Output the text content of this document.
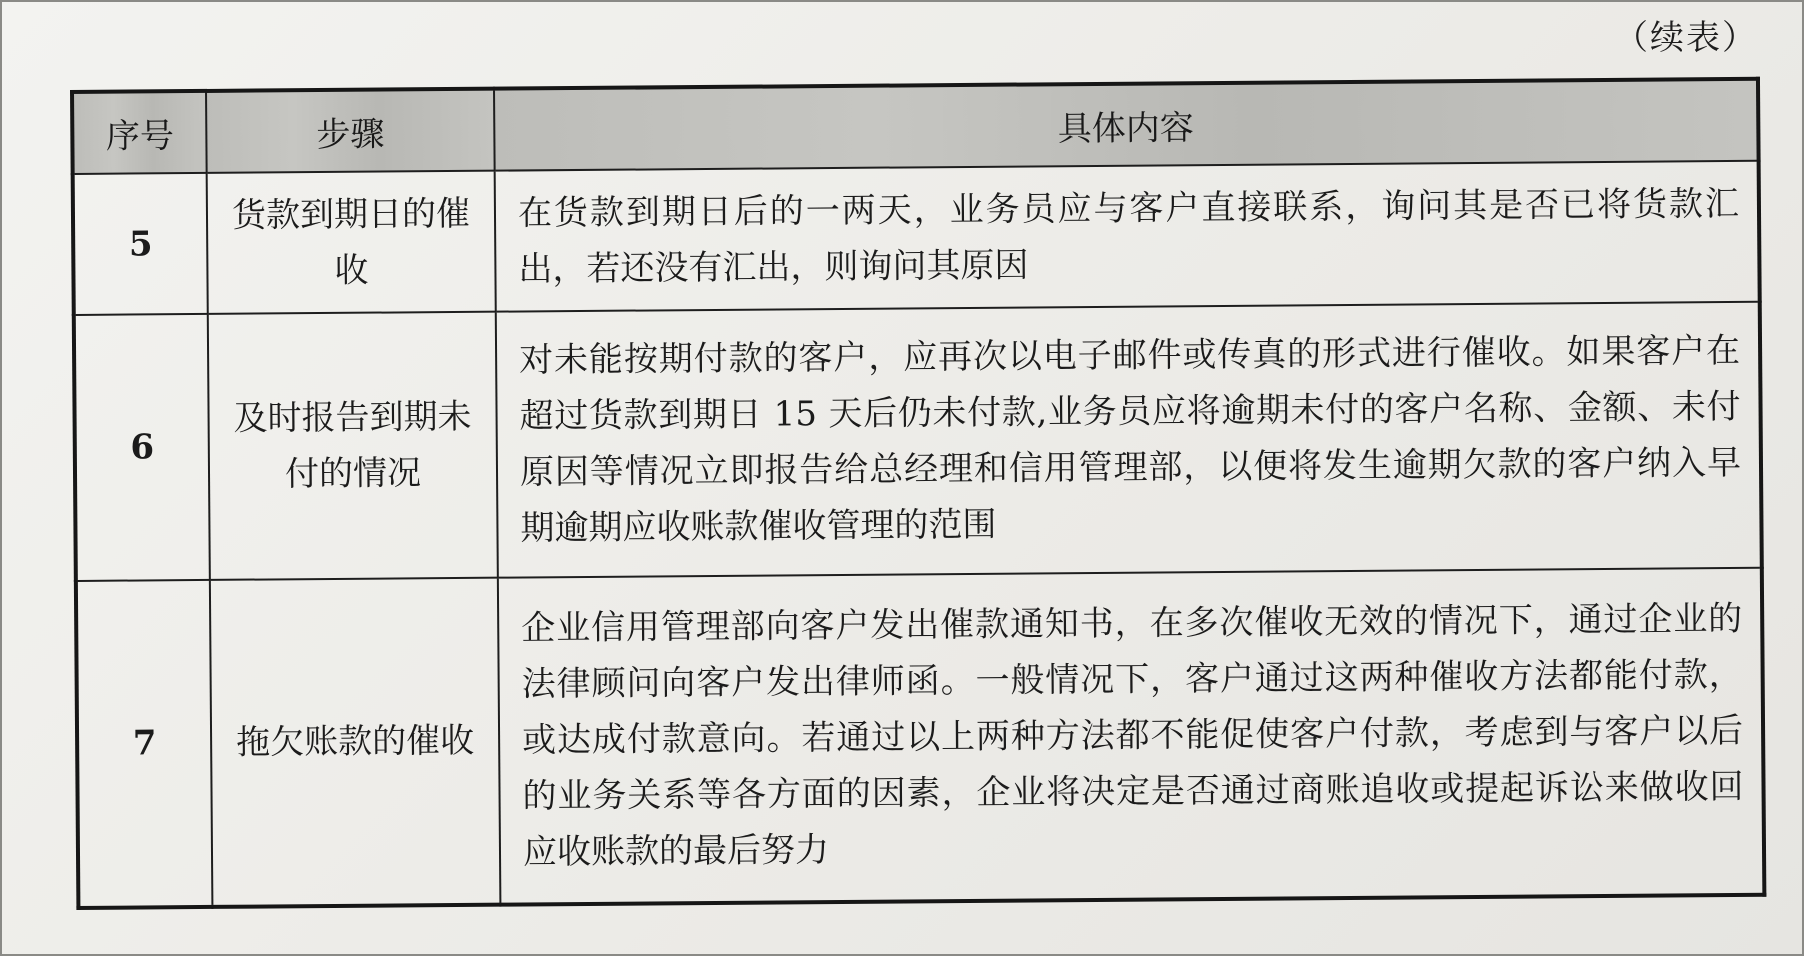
（续表）
序号	步骤	具体内容
5	货款到期日的催收	在货款到期日后的一两天，业务员应与客户直接联系，询问其是否已将货款汇出，若还没有汇出，则询问其原因
6	及时报告到期未付的情况	对未能按期付款的客户，应再次以电子邮件或传真的形式进行催收。如果客户在超过货款到期日 15 天后仍未付款,业务员应将逾期未付的客户名称、金额、未付原因等情况立即报告给总经理和信用管理部，以便将发生逾期欠款的客户纳入早期逾期应收账款催收管理的范围
7	拖欠账款的催收	企业信用管理部向客户发出催款通知书，在多次催收无效的情况下，通过企业的法律顾问向客户发出律师函。一般情况下，客户通过这两种催收方法都能付款，或达成付款意向。若通过以上两种方法都不能促使客户付款，考虑到与客户以后的业务关系等各方面的因素，企业将决定是否通过商账追收或提起诉讼来做收回应收账款的最后努力
